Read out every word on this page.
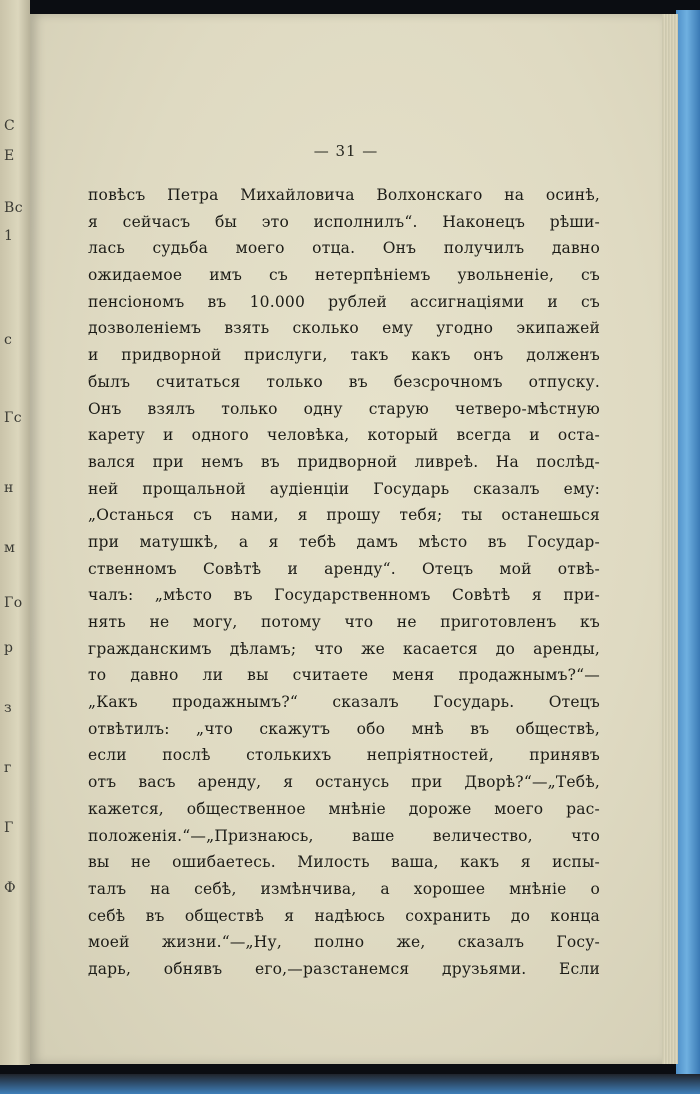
С
Е
Вс
1
с
Гс
н
м
Го
р
з
г
Г
Ф
— 31 —
повѣсъ Петра Михайловича Волхонскаго на осинѣ,
я сейчасъ бы это исполнилъ“. Наконецъ рѣши-
лась судьба моего отца. Онъ получилъ давно
ожидаемое имъ съ нетерпѣніемъ увольненіе, съ
пенсіономъ въ 10.000 рублей ассигнаціями и съ
дозволеніемъ взять сколько ему угодно экипажей
и придворной прислуги, такъ какъ онъ долженъ
былъ считаться только въ безсрочномъ отпуску.
Онъ взялъ только одну старую четверо-мѣстную
карету и одного человѣка, который всегда и оста-
вался при немъ въ придворной ливреѣ. На послѣд-
ней прощальной аудіенціи Государь сказалъ ему:
„Останься съ нами, я прошу тебя; ты останешься
при матушкѣ, а я тебѣ дамъ мѣсто въ Государ-
ственномъ Совѣтѣ и аренду“. Отецъ мой отвѣ-
чалъ: „мѣсто въ Государственномъ Совѣтѣ я при-
нять не могу, потому что не приготовленъ къ
гражданскимъ дѣламъ; что же касается до аренды,
то давно ли вы считаете меня продажнымъ?“—
„Какъ продажнымъ?“ сказалъ Государь. Отецъ
отвѣтилъ: „что скажутъ обо мнѣ въ обществѣ,
если послѣ столькихъ непріятностей, принявъ
отъ васъ аренду, я останусь при Дворѣ?“—„Тебѣ,
кажется, общественное мнѣніе дороже моего рас-
положенія.“—„Признаюсь, ваше величество, что
вы не ошибаетесь. Милость ваша, какъ я испы-
талъ на себѣ, измѣнчива, а хорошее мнѣніе о
себѣ въ обществѣ я надѣюсь сохранить до конца
моей жизни.“—„Ну, полно же, сказалъ Госу-
дарь, обнявъ его,—разстанемся друзьями. Если
